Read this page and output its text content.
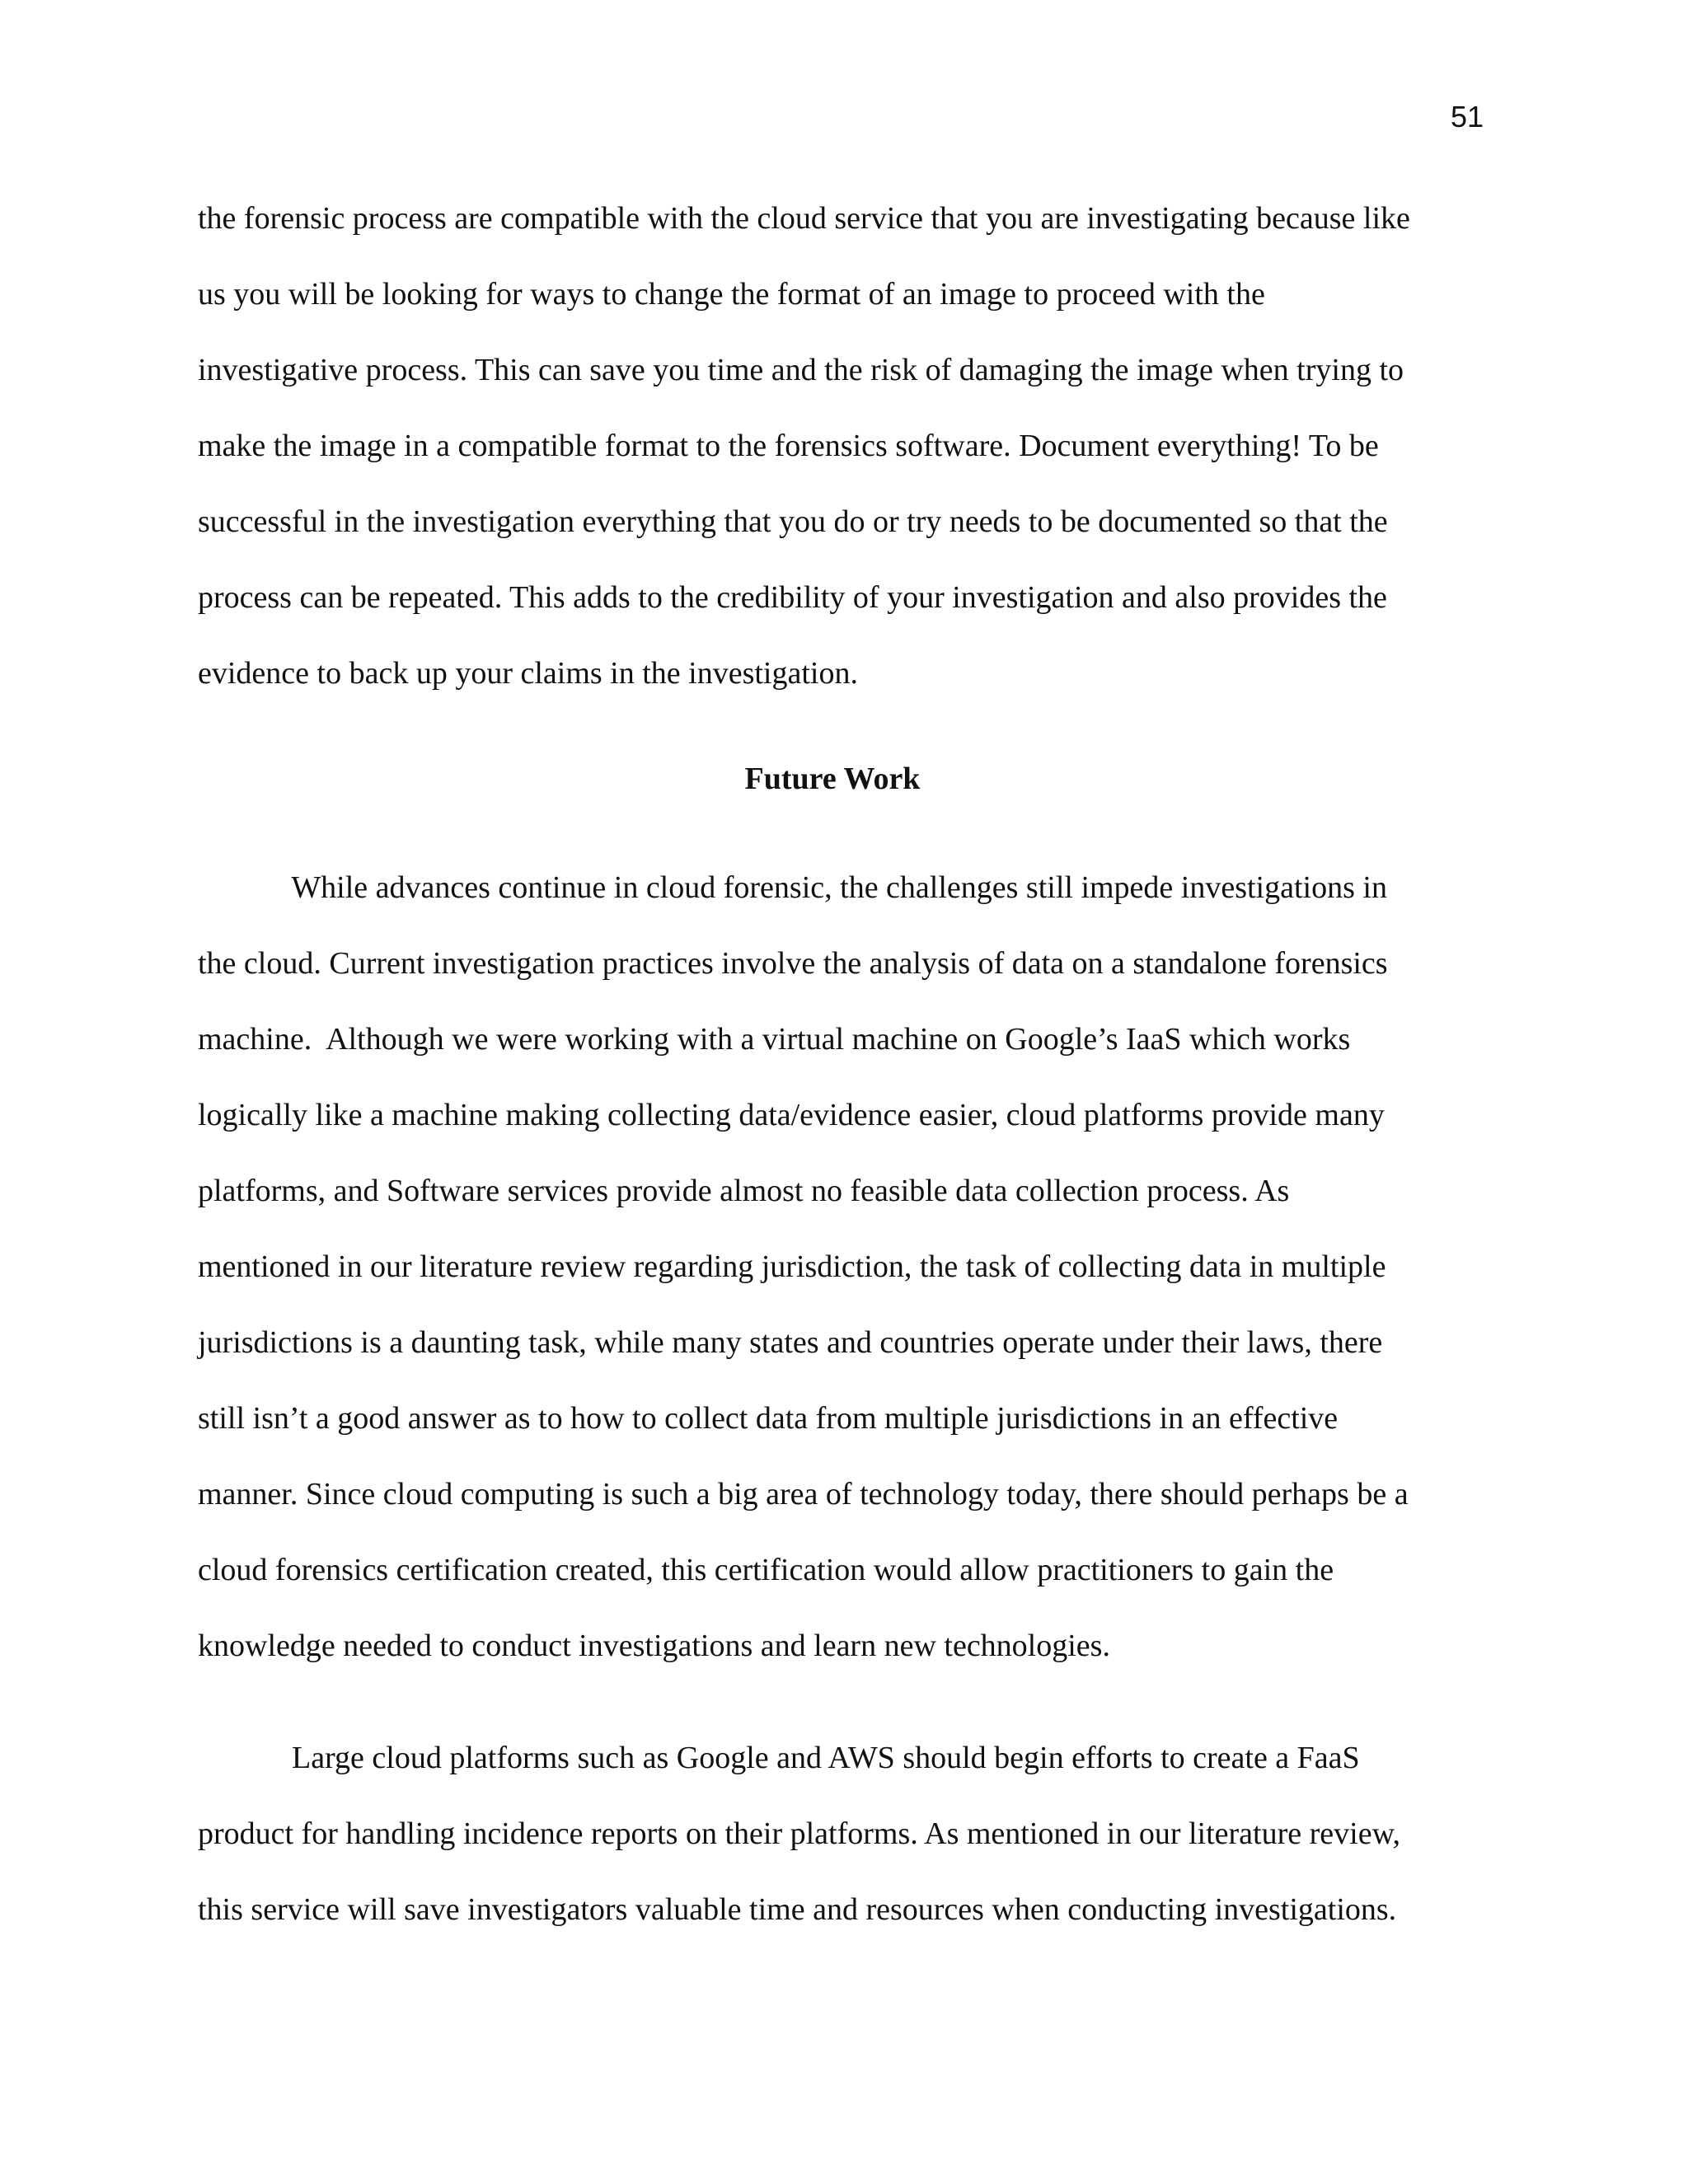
51
the forensic process are compatible with the cloud service that you are investigating because like
us you will be looking for ways to change the format of an image to proceed with the
investigative process. This can save you time and the risk of damaging the image when trying to
make the image in a compatible format to the forensics software. Document everything! To be
successful in the investigation everything that you do or try needs to be documented so that the
process can be repeated. This adds to the credibility of your investigation and also provides the
evidence to back up your claims in the investigation.
Future Work
While advances continue in cloud forensic, the challenges still impede investigations in
the cloud. Current investigation practices involve the analysis of data on a standalone forensics
machine.  Although we were working with a virtual machine on Google’s IaaS which works
logically like a machine making collecting data/evidence easier, cloud platforms provide many
platforms, and Software services provide almost no feasible data collection process. As
mentioned in our literature review regarding jurisdiction, the task of collecting data in multiple
jurisdictions is a daunting task, while many states and countries operate under their laws, there
still isn’t a good answer as to how to collect data from multiple jurisdictions in an effective
manner. Since cloud computing is such a big area of technology today, there should perhaps be a
cloud forensics certification created, this certification would allow practitioners to gain the
knowledge needed to conduct investigations and learn new technologies.
Large cloud platforms such as Google and AWS should begin efforts to create a FaaS
product for handling incidence reports on their platforms. As mentioned in our literature review,
this service will save investigators valuable time and resources when conducting investigations.
